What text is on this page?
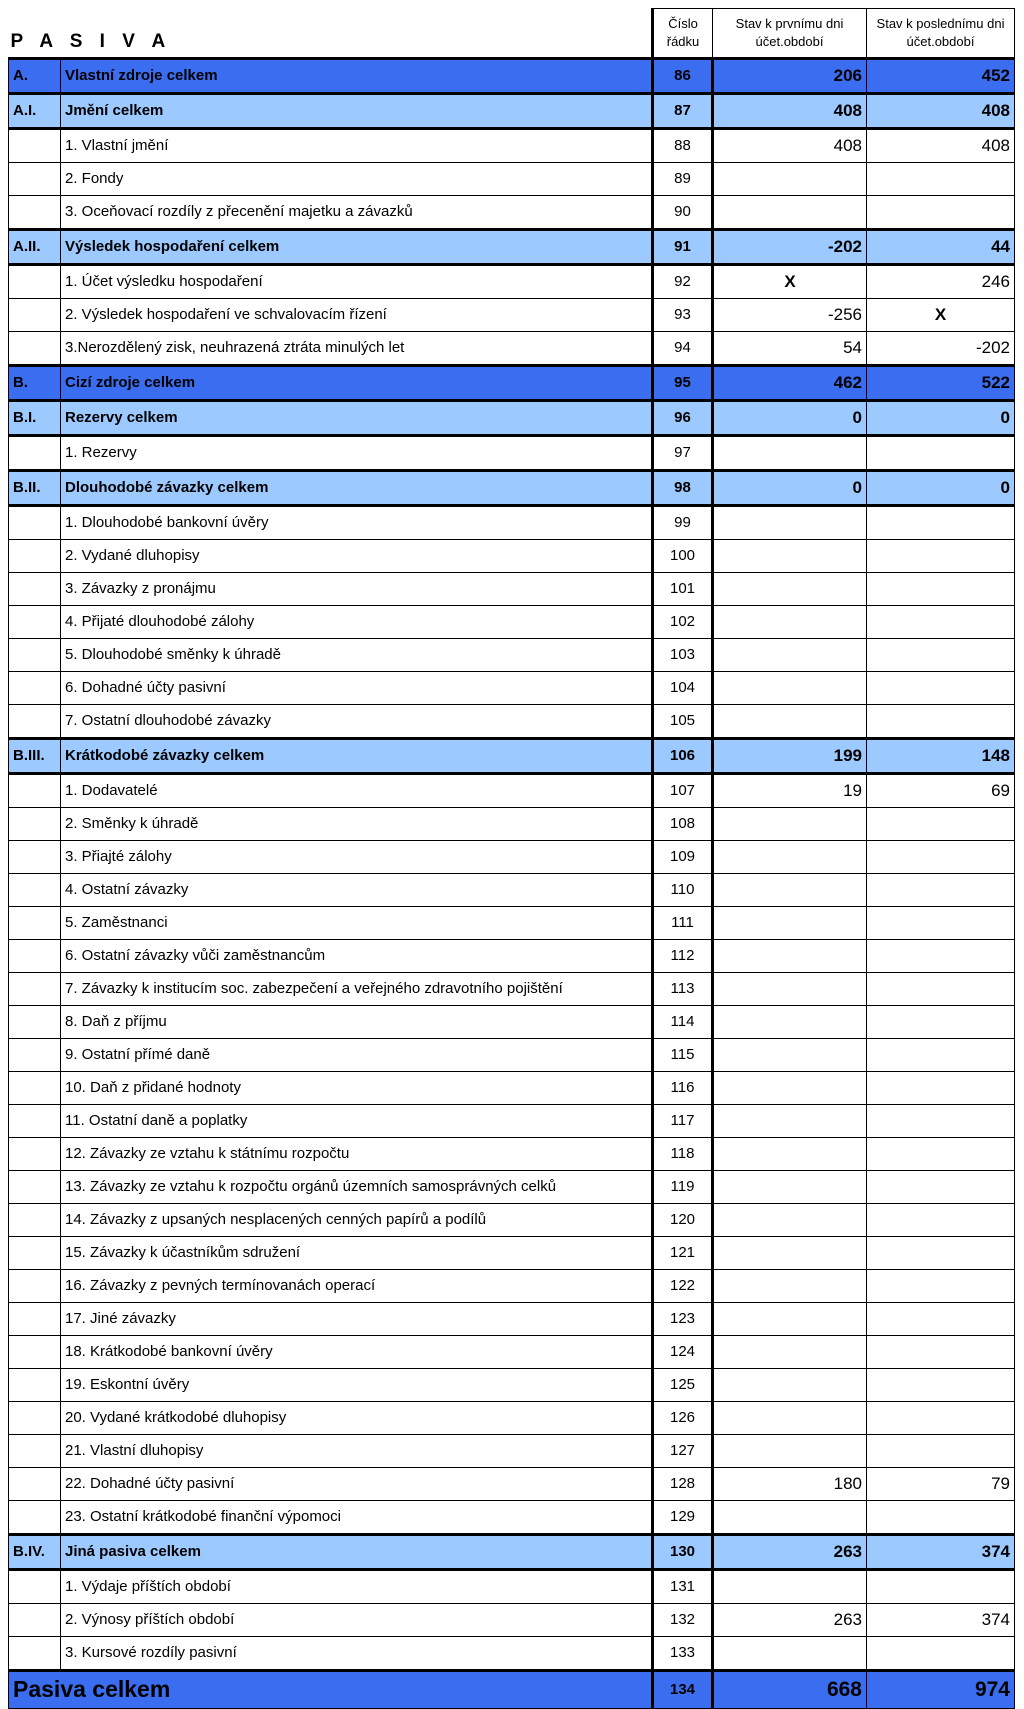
P A S I V A		Číslo řádku	Stav k prvnímu dni účet.období	Stav k poslednímu dni účet.období
A.	Vlastní zdroje celkem	86	206	452
A.I.	Jmění celkem	87	408	408
	1. Vlastní jmění	88	408	408
	2. Fondy	89		
	3. Oceňovací rozdíly z přecenění majetku a závazků	90		
A.II.	Výsledek hospodaření celkem	91	-202	44
	1. Účet výsledku hospodaření	92	X	246
	2. Výsledek hospodaření ve schvalovacím řízení	93	-256	X
	3.Nerozdělený zisk, neuhrazená ztráta minulých let	94	54	-202
B.	Cizí zdroje celkem	95	462	522
B.I.	Rezervy celkem	96	0	0
	1. Rezervy	97		
B.II.	Dlouhodobé závazky celkem	98	0	0
	1. Dlouhodobé bankovní úvěry	99		
	2. Vydané dluhopisy	100		
	3. Závazky z pronájmu	101		
	4. Přijaté dlouhodobé zálohy	102		
	5. Dlouhodobé směnky k úhradě	103		
	6. Dohadné účty pasivní	104		
	7. Ostatní dlouhodobé závazky	105		
B.III.	Krátkodobé závazky celkem	106	199	148
	1. Dodavatelé	107	19	69
	2. Směnky k úhradě	108		
	3. Přiajté zálohy	109		
	4. Ostatní závazky	110		
	5. Zaměstnanci	111		
	6. Ostatní závazky vůči zaměstnancům	112		
	7. Závazky k institucím soc. zabezpečení a veřejného zdravotního pojištění	113		
	8. Daň z příjmu	114		
	9. Ostatní přímé daně	115		
	10. Daň z přidané hodnoty	116		
	11. Ostatní daně a poplatky	117		
	12. Závazky ze vztahu k státnímu rozpočtu	118		
	13. Závazky ze vztahu k rozpočtu orgánů územních samosprávných celků	119		
	14. Závazky z upsaných nesplacených cenných papírů a podílů	120		
	15. Závazky k účastníkům sdružení	121		
	16. Závazky z pevných termínovanách operací	122		
	17. Jiné závazky	123		
	18. Krátkodobé bankovní úvěry	124		
	19. Eskontní úvěry	125		
	20. Vydané krátkodobé dluhopisy	126		
	21. Vlastní dluhopisy	127		
	22. Dohadné účty pasivní	128	180	79
	23. Ostatní krátkodobé finanční výpomoci	129		
B.IV.	Jiná pasiva celkem	130	263	374
	1. Výdaje příštích období	131		
	2. Výnosy příštích období	132	263	374
	3. Kursové rozdíly pasivní	133		
Pasiva celkem		134	668	974
